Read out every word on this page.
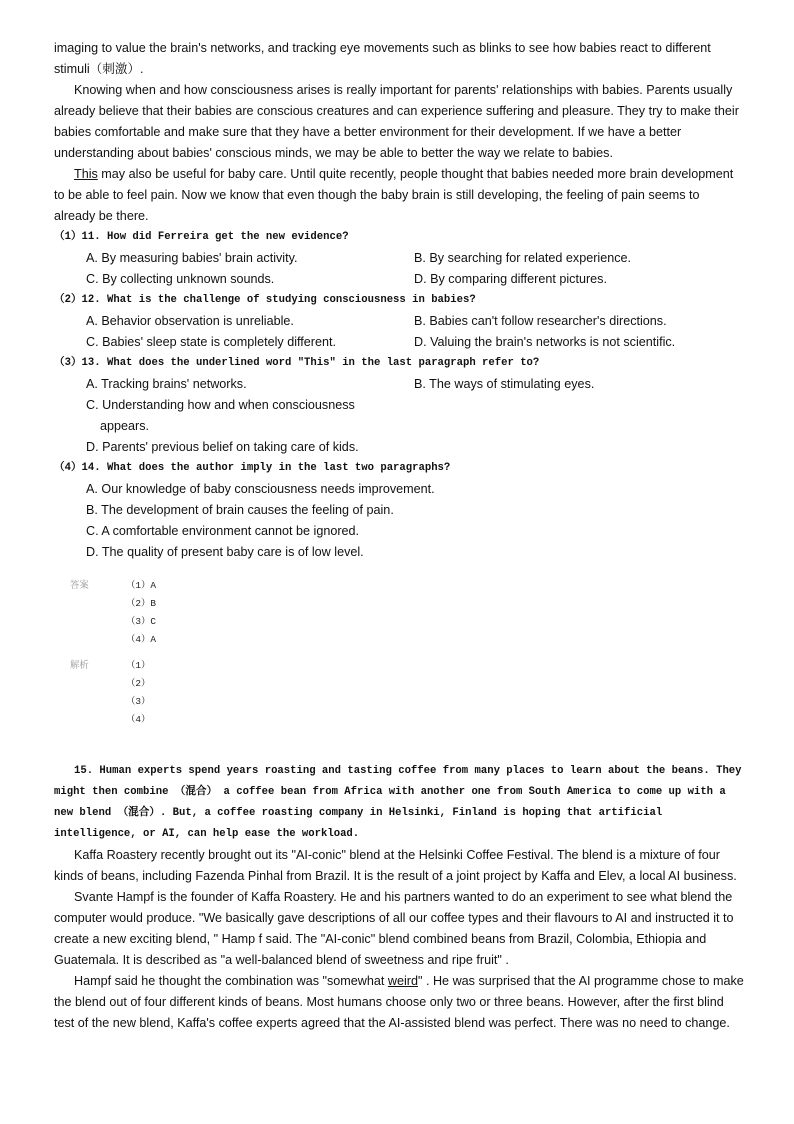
imaging to value the brain's networks, and tracking eye movements such as blinks to see how babies react to different stimuli（刺激）.

Knowing when and how consciousness arises is really important for parents' relationships with babies. Parents usually already believe that their babies are conscious creatures and can experience suffering and pleasure. They try to make their babies comfortable and make sure that they have a better environment for their development. If we have a better understanding about babies' conscious minds, we may be able to better the way we relate to babies.

This may also be useful for baby care. Until quite recently, people thought that babies needed more brain development to be able to feel pain. Now we know that even though the baby brain is still developing, the feeling of pain seems to already be there.

（1）11. How did Ferreira get the new evidence?

A. By measuring babies' brain activity.	B. By searching for related experience.
C. By collecting unknown sounds.	D. By comparing different pictures.

（2）12. What is the challenge of studying consciousness in babies?

A. Behavior observation is unreliable.	B. Babies can't follow researcher's directions.
C. Babies' sleep state is completely different.	D. Valuing the brain's networks is not scientific.

（3）13. What does the underlined word "This" in the last paragraph refer to?

A. Tracking brains' networks.	B. The ways of stimulating eyes.
C. Understanding how and when consciousness appears.
D. Parents' previous belief on taking care of kids.

（4）14. What does the author imply in the last two paragraphs?

A. Our knowledge of baby consciousness needs improvement.
B. The development of brain causes the feeling of pain.
C. A comfortable environment cannot be ignored.
D. The quality of present baby care is of low level.
答案	（1）A
（2）B
（3）C
（4）A
解析	（1）
（2）
（3）
（4）

15. Human experts spend years roasting and tasting coffee from many places to learn about the beans. They might then combine （混合） a coffee bean from Africa with another one from South America to come up with a new blend （混合）. But, a coffee roasting company in Helsinki, Finland is hoping that artificial intelligence, or AI, can help ease the workload.

Kaffa Roastery recently brought out its "AI-conic" blend at the Helsinki Coffee Festival. The blend is a mixture of four kinds of beans, including Fazenda Pinhal from Brazil. It is the result of a joint project by Kaffa and Elev, a local AI business.

Svante Hampf is the founder of Kaffa Roastery. He and his partners wanted to do an experiment to see what blend the computer would produce. "We basically gave descriptions of all our coffee types and their flavours to AI and instructed it to create a new exciting blend, " Hamp f said. The "AI-conic" blend combined beans from Brazil, Colombia, Ethiopia and Guatemala. It is described as "a well-balanced blend of sweetness and ripe fruit" .

Hampf said he thought the combination was "somewhat weird" . He was surprised that the AI programme chose to make the blend out of four different kinds of beans. Most humans choose only two or three beans. However, after the first blind test of the new blend, Kaffa's coffee experts agreed that the AI-assisted blend was perfect. There was no need to change.
